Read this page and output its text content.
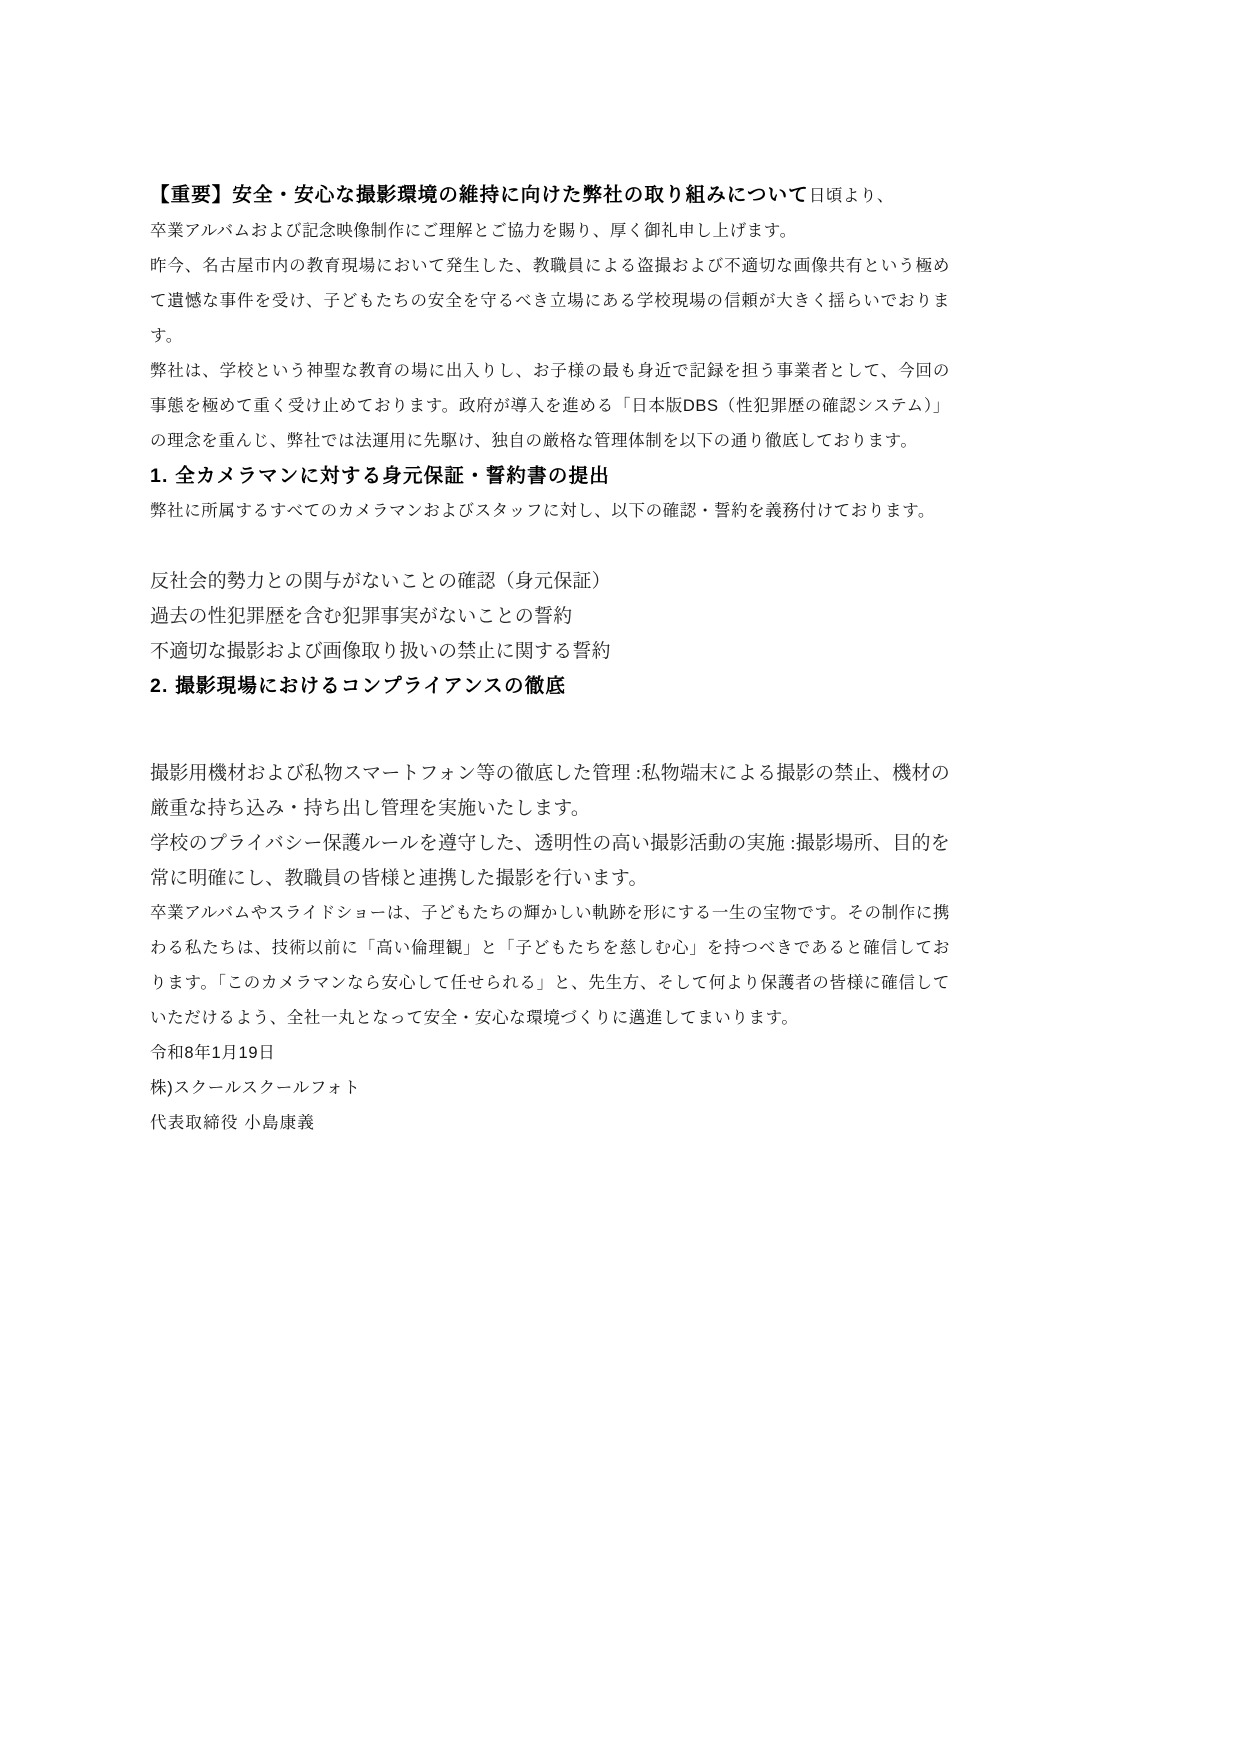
【重要】安全・安心な撮影環境の維持に向けた弊社の取り組みについて日頃より、

卒業アルバムおよび記念映像制作にご理解とご協力を賜り、厚く御礼申し上げます。

昨今、名古屋市内の教育現場において発生した、教職員による盗撮および不適切な画像共有という極めて遺憾な事件を受け、子どもたちの安全を守るべき立場にある学校現場の信頼が大きく揺らいでおります。

弊社は、学校という神聖な教育の場に出入りし、お子様の最も身近で記録を担う事業者として、今回の事態を極めて重く受け止めております。政府が導入を進める「日本版DBS（性犯罪歴の確認システム）」の理念を重んじ、弊社では法運用に先駆け、独自の厳格な管理体制を以下の通り徹底しております。

1. 全カメラマンに対する身元保証・誓約書の提出

弊社に所属するすべてのカメラマンおよびスタッフに対し、以下の確認・誓約を義務付けております。

反社会的勢力との関与がないことの確認（身元保証）
過去の性犯罪歴を含む犯罪事実がないことの誓約
不適切な撮影および画像取り扱いの禁止に関する誓約
2. 撮影現場におけるコンプライアンスの徹底

撮影用機材および私物スマートフォン等の徹底した管理 :私物端末による撮影の禁止、機材の厳重な持ち込み・持ち出し管理を実施いたします。

学校のプライバシー保護ルールを遵守した、透明性の高い撮影活動の実施 :撮影場所、目的を常に明確にし、教職員の皆様と連携した撮影を行います。

卒業アルバムやスライドショーは、子どもたちの輝かしい軌跡を形にする一生の宝物です。その制作に携わる私たちは、技術以前に「高い倫理観」と「子どもたちを慈しむ心」を持つべきであると確信しております。「このカメラマンなら安心して任せられる」と、先生方、そして何より保護者の皆様に確信していただけるよう、全社一丸となって安全・安心な環境づくりに邁進してまいります。

令和8年1月19日

株)スクールスクールフォト

代表取締役 小島康義
